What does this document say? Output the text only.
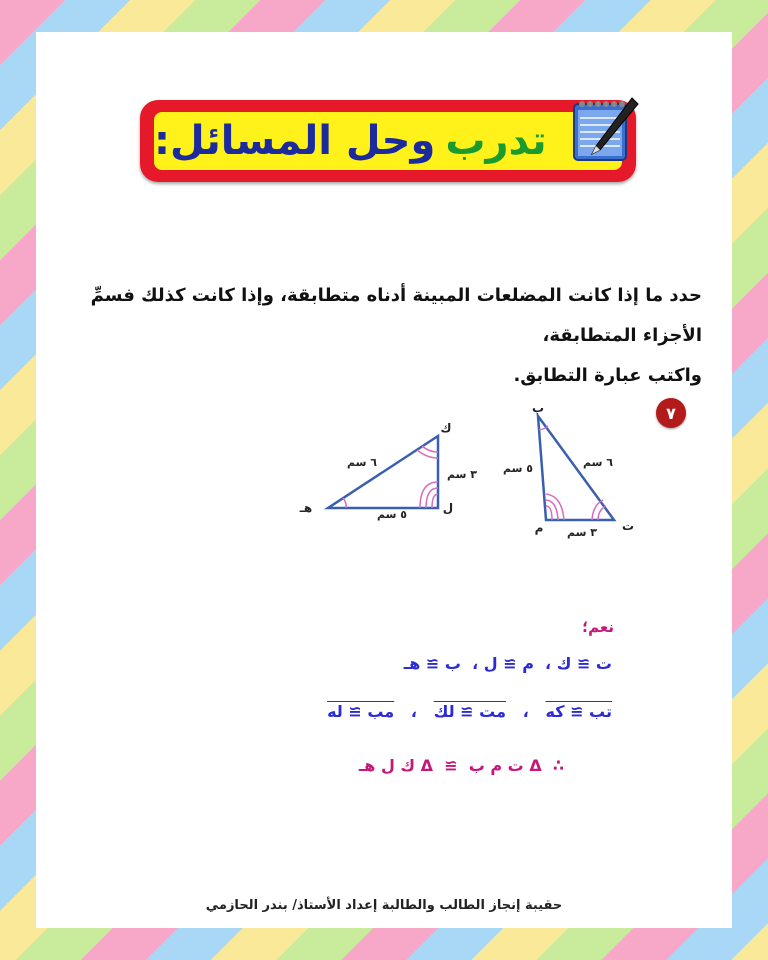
تدرب
وحل المسائل:
حدد ما إذا كانت المضلعات المبينة أدناه متطابقة، وإذا كانت كذلك فسمِّ الأجزاء المتطابقة،
واكتب عبارة التطابق.
٧
ب
ت
م
٦ سم
٥ سم
٣ سم
ك
هـ	ل
٦ سم
٣ سم
٥ سم
نعم؛
ت ≅ ك ،  م ≅ ل ،  ب ≅ هـ
تب ≅ كه   ،   مت ≅ لك   ،   مب ≅ له
∴  Δ ت م ب  ≅  Δ ك ل هـ
حقيبة إنجاز الطالب والطالبة إعداد الأستاذ/ بندر الحازمي
